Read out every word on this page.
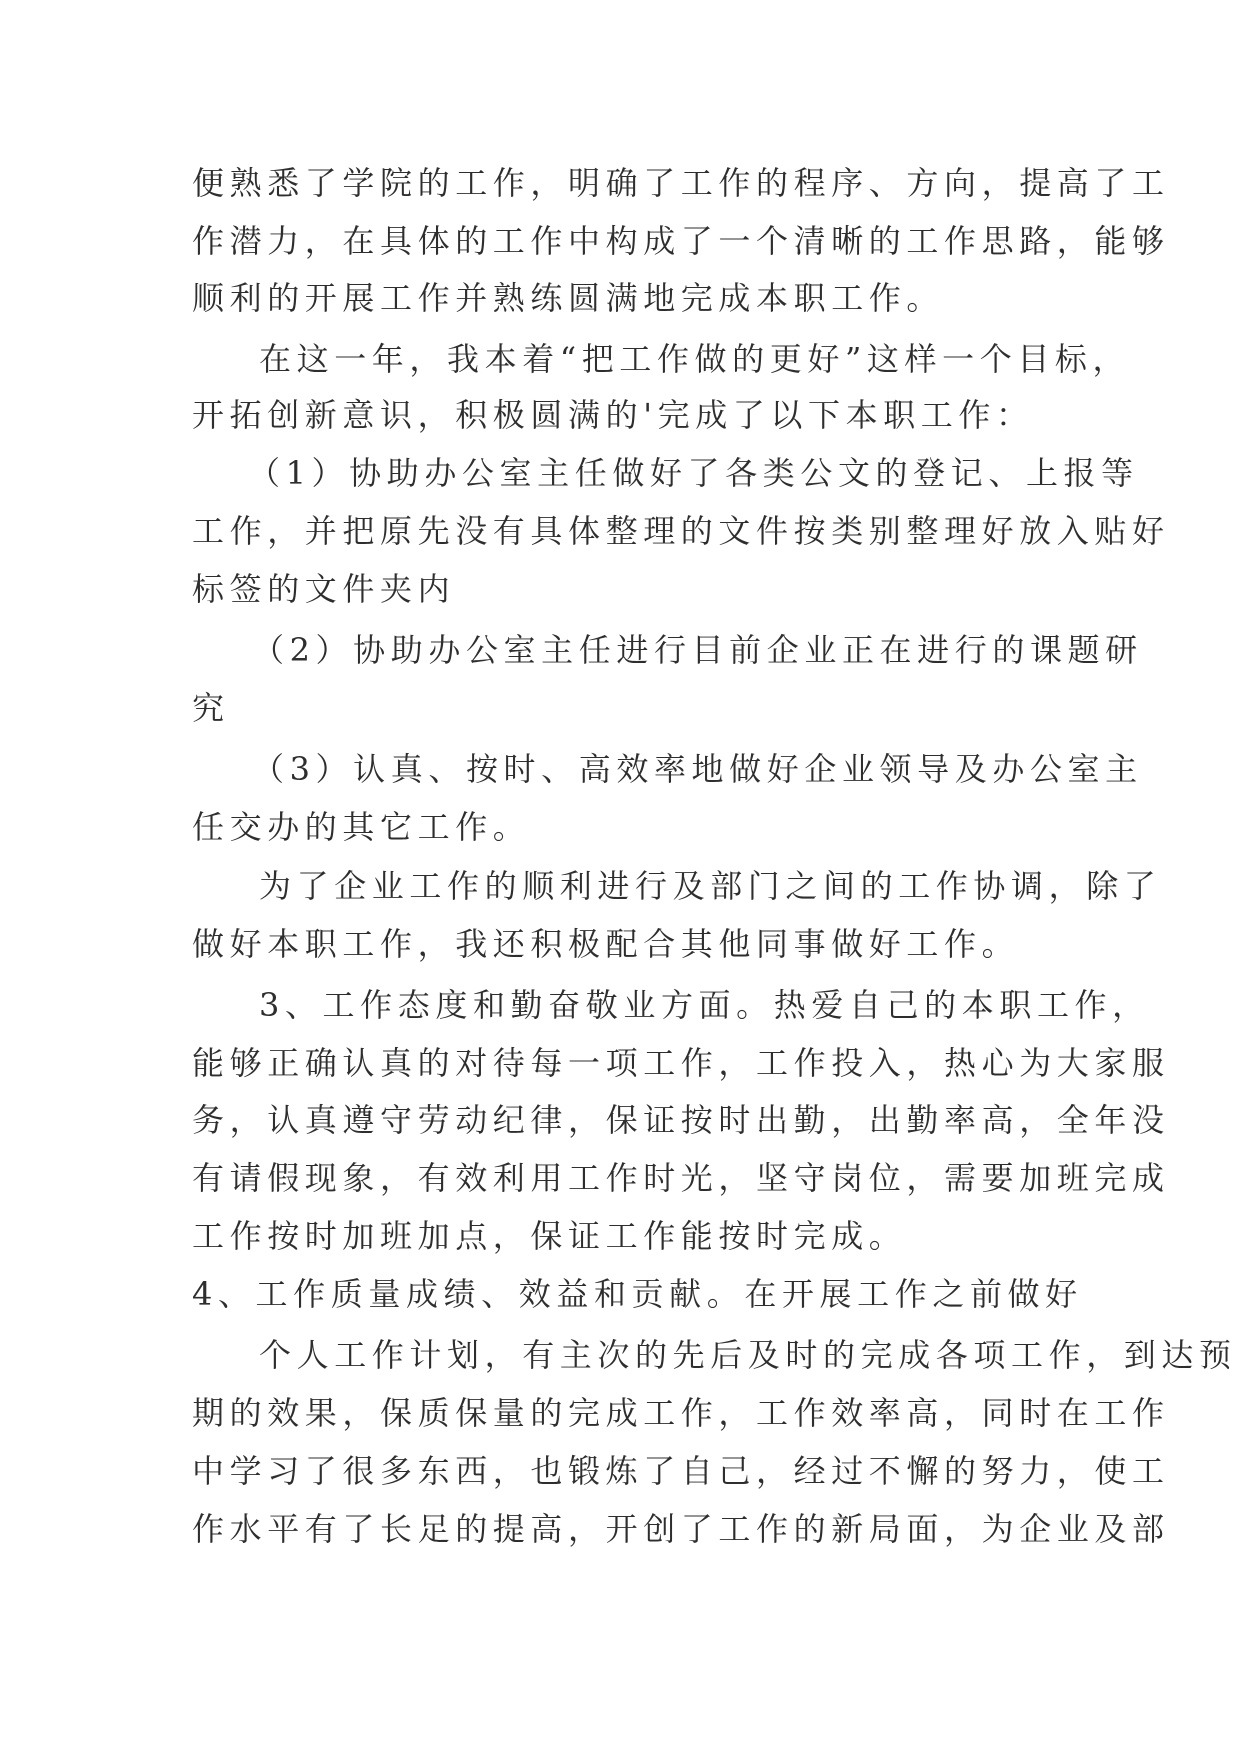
便熟悉了学院的工作，明确了工作的程序、方向，提高了工

作潜力，在具体的工作中构成了一个清晰的工作思路，能够

顺利的开展工作并熟练圆满地完成本职工作。

在这一年，我本着“把工作做的更好”这样一个目标，

开拓创新意识，积极圆满的'完成了以下本职工作：

（1）协助办公室主任做好了各类公文的登记、上报等

工作，并把原先没有具体整理的文件按类别整理好放入贴好

标签的文件夹内

（2）协助办公室主任进行目前企业正在进行的课题研

究

（3）认真、按时、高效率地做好企业领导及办公室主

任交办的其它工作。

为了企业工作的顺利进行及部门之间的工作协调，除了

做好本职工作，我还积极配合其他同事做好工作。

3、工作态度和勤奋敬业方面。热爱自己的本职工作，

能够正确认真的对待每一项工作，工作投入，热心为大家服

务，认真遵守劳动纪律，保证按时出勤，出勤率高，全年没

有请假现象，有效利用工作时光，坚守岗位，需要加班完成

工作按时加班加点，保证工作能按时完成。

4、工作质量成绩、效益和贡献。在开展工作之前做好

个人工作计划，有主次的先后及时的完成各项工作，到达预

期的效果，保质保量的完成工作，工作效率高，同时在工作

中学习了很多东西，也锻炼了自己，经过不懈的努力，使工

作水平有了长足的提高，开创了工作的新局面，为企业及部
